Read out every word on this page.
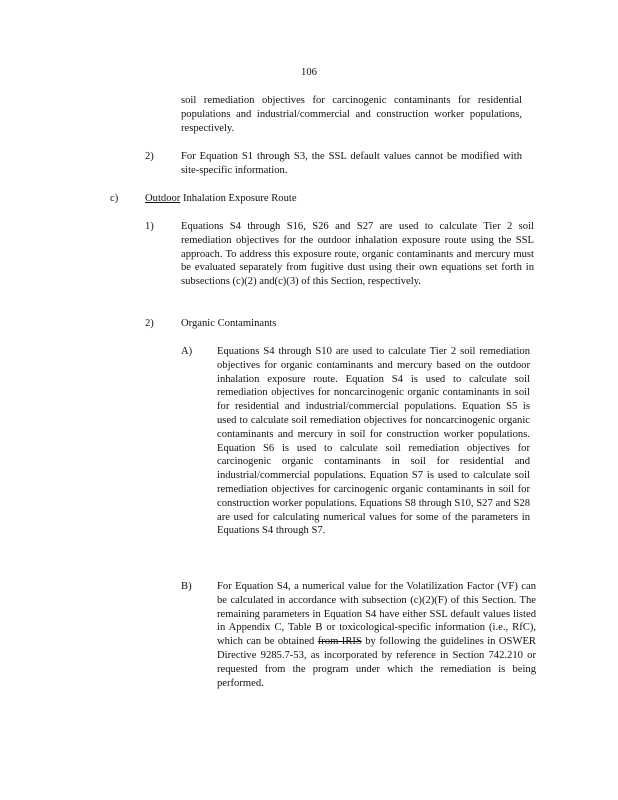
106
soil remediation objectives for carcinogenic contaminants for residential populations and industrial/commercial and construction worker populations, respectively.
2)	For Equation S1 through S3, the SSL default values cannot be modified with site-specific information.
c)	Outdoor Inhalation Exposure Route
1)	Equations S4 through S16, S26 and S27 are used to calculate Tier 2 soil remediation objectives for the outdoor inhalation exposure route using the SSL approach. To address this exposure route, organic contaminants and mercury must be evaluated separately from fugitive dust using their own equations set forth in subsections (c)(2) and(c)(3) of this Section, respectively.
2)	Organic Contaminants
A) Equations S4 through S10 are used to calculate Tier 2 soil remediation objectives for organic contaminants and mercury based on the outdoor inhalation exposure route. Equation S4 is used to calculate soil remediation objectives for noncarcinogenic organic contaminants in soil for residential and industrial/commercial populations. Equation S5 is used to calculate soil remediation objectives for noncarcinogenic organic contaminants and mercury in soil for construction worker populations. Equation S6 is used to calculate soil remediation objectives for carcinogenic organic contaminants in soil for residential and industrial/commercial populations. Equation S7 is used to calculate soil remediation objectives for carcinogenic organic contaminants in soil for construction worker populations. Equations S8 through S10, S27 and S28 are used for calculating numerical values for some of the parameters in Equations S4 through S7.
B) For Equation S4, a numerical value for the Volatilization Factor (VF) can be calculated in accordance with subsection (c)(2)(F) of this Section. The remaining parameters in Equation S4 have either SSL default values listed in Appendix C, Table B or toxicological-specific information (i.e., RfC), which can be obtained from IRIS by following the guidelines in OSWER Directive 9285.7-53, as incorporated by reference in Section 742.210 or requested from the program under which the remediation is being performed.
